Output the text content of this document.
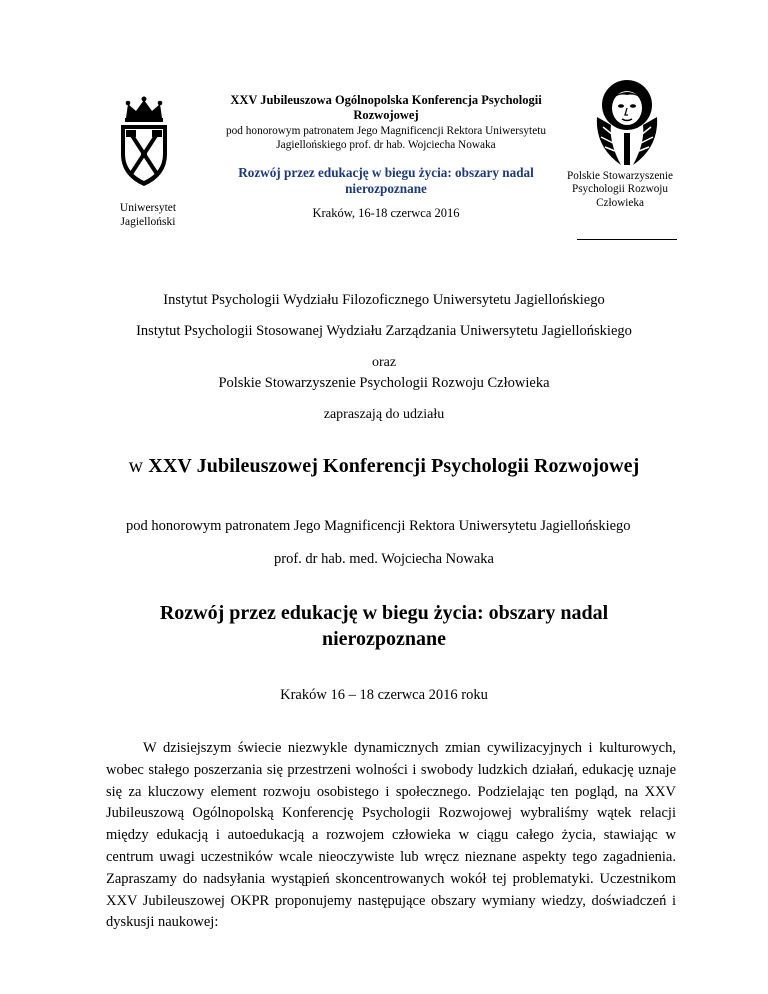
Uniwersytet Jagielloński
XXV Jubileuszowa Ogólnopolska Konferencja Psychologii Rozwojowej
pod honorowym patronatem Jego Magnificencji Rektora Uniwersytetu Jagiellońskiego prof. dr hab. Wojciecha Nowaka
Rozwój przez edukację w biegu życia: obszary nadal nierozpoznane
Kraków, 16-18 czerwca 2016
Polskie Stowarzyszenie Psychologii Rozwoju Człowieka
Instytut Psychologii Wydziału Filozoficznego Uniwersytetu Jagiellońskiego
Instytut Psychologii Stosowanej Wydziału Zarządzania Uniwersytetu Jagiellońskiego
oraz
Polskie Stowarzyszenie Psychologii Rozwoju Człowieka
zapraszają do udziału
w XXV Jubileuszowej Konferencji Psychologii Rozwojowej
pod honorowym patronatem Jego Magnificencji Rektora Uniwersytetu Jagiellońskiego
prof. dr hab. med. Wojciecha Nowaka
Rozwój przez edukację w biegu życia: obszary nadal nierozpoznane
Kraków 16 – 18 czerwca 2016 roku
W dzisiejszym świecie niezwykle dynamicznych zmian cywilizacyjnych i kulturowych, wobec stałego poszerzania się przestrzeni wolności i swobody ludzkich działań, edukację uznaje się za kluczowy element rozwoju osobistego i społecznego. Podzielając ten pogląd, na XXV Jubileuszową Ogólnopolską Konferencję Psychologii Rozwojowej wybraliśmy wątek relacji między edukacją i autoedukacją a rozwojem człowieka w ciągu całego życia, stawiając w centrum uwagi uczestników wcale nieoczywiste lub wręcz nieznane aspekty tego zagadnienia. Zapraszamy do nadsyłania wystąpień skoncentrowanych wokół tej problematyki. Uczestnikom XXV Jubileuszowej OKPR proponujemy następujące obszary wymiany wiedzy, doświadczeń i dyskusji naukowej:
